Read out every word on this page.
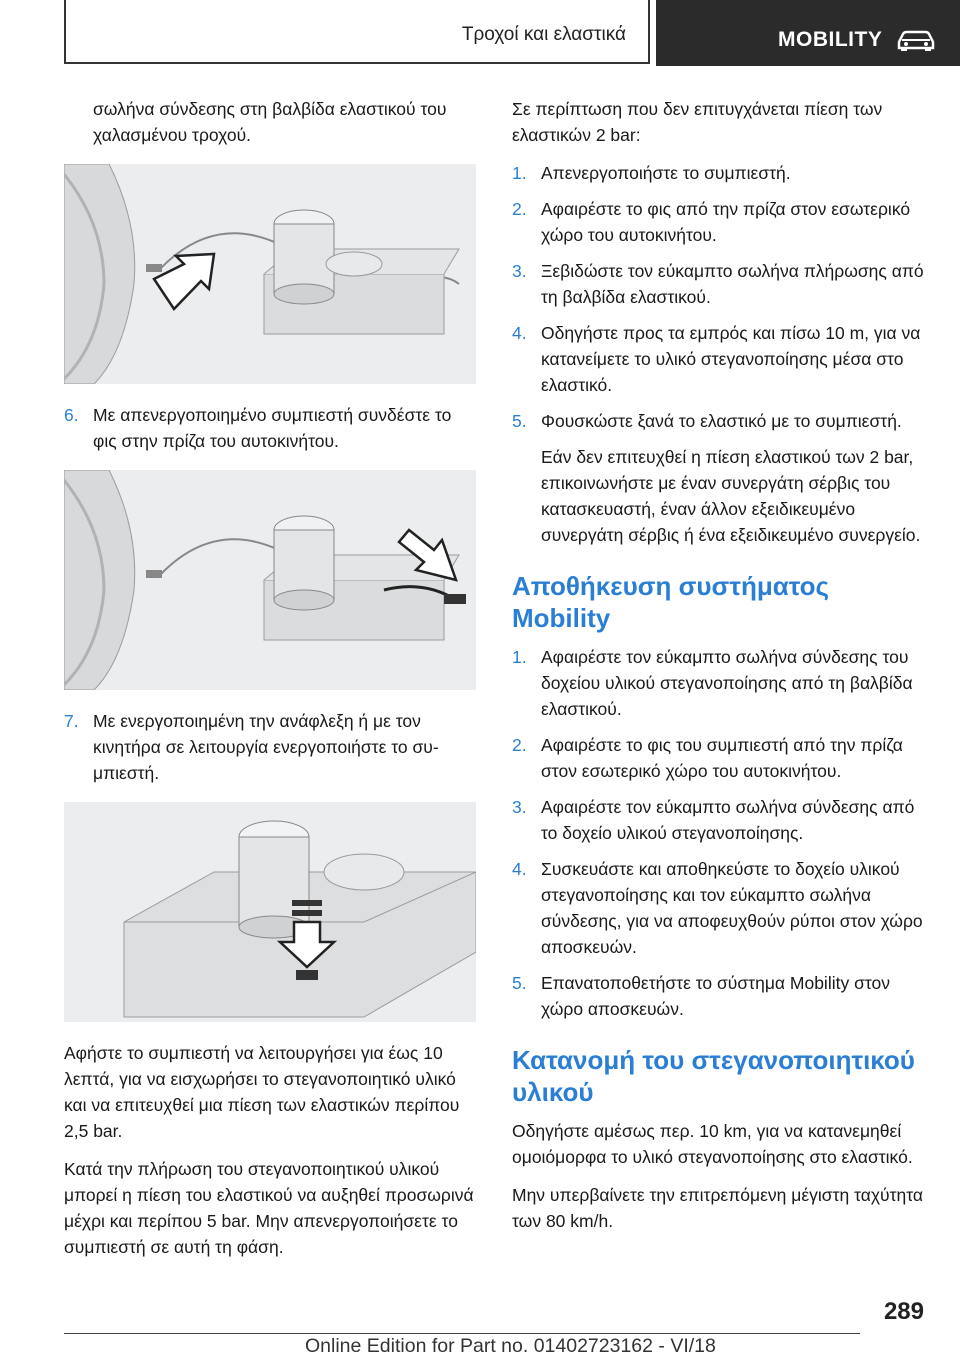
Τροχοί και ελαστικά	MOBILITY

σωλήνα σύνδεσης στη βαλβίδα ελαστικού του χαλασμένου τροχού.

6. Με απενεργοποιημένο συμπιεστή συνδέστε το φις στην πρίζα του αυτοκινήτου.
7. Με ενεργοποιημένη την ανάφλεξη ή με τον κινητήρα σε λειτουργία ενεργοποιήστε το συμπιεστή.

Αφήστε το συμπιεστή να λειτουργήσει για έως 10 λεπτά, για να εισχωρήσει το στεγανοποιητικό υλικό και να επιτευχθεί μια πίεση των ελαστικών περίπου 2,5 bar.

Κατά την πλήρωση του στεγανοποιητικού υλικού μπορεί η πίεση του ελαστικού να αυξηθεί προσωρινά μέχρι και περίπου 5 bar. Μην απενεργοποιήσετε το συμπιεστή σε αυτή τη φάση.

Σε περίπτωση που δεν επιτυγχάνεται πίεση των ελαστικών 2 bar:

1. Απενεργοποιήστε το συμπιεστή.
2. Αφαιρέστε το φις από την πρίζα στον εσωτερικό χώρο του αυτοκινήτου.
3. Ξεβιδώστε τον εύκαμπτο σωλήνα πλήρωσης από τη βαλβίδα ελαστικού.
4. Οδηγήστε προς τα εμπρός και πίσω 10 m, για να κατανείμετε το υλικό στεγανοποίησης μέσα στο ελαστικό.
5. Φουσκώστε ξανά το ελαστικό με το συμπιεστή.

Εάν δεν επιτευχθεί η πίεση ελαστικού των 2 bar, επικοινωνήστε με έναν συνεργάτη σέρβις του κατασκευαστή, έναν άλλον εξειδικευμένο συνεργάτη σέρβις ή ένα εξειδικευμένο συνεργείο.

Αποθήκευση συστήματος Mobility
1. Αφαιρέστε τον εύκαμπτο σωλήνα σύνδεσης του δοχείου υλικού στεγανοποίησης από τη βαλβίδα ελαστικού.
2. Αφαιρέστε το φις του συμπιεστή από την πρίζα στον εσωτερικό χώρο του αυτοκινήτου.
3. Αφαιρέστε τον εύκαμπτο σωλήνα σύνδεσης από το δοχείο υλικού στεγανοποίησης.
4. Συσκευάστε και αποθηκεύστε το δοχείο υλικού στεγανοποίησης και τον εύκαμπτο σωλήνα σύνδεσης, για να αποφευχθούν ρύποι στον χώρο αποσκευών.
5. Επανατοποθετήστε το σύστημα Mobility στον χώρο αποσκευών.
Κατανομή του στεγανοποιητικού υλικού

Οδηγήστε αμέσως περ. 10 km, για να κατανεμηθεί ομοιόμορφα το υλικό στεγανοποίησης στο ελαστικό.

Μην υπερβαίνετε την επιτρεπόμενη μέγιστη ταχύτητα των 80 km/h.

289
Online Edition for Part no. 01402723162 - VI/18
